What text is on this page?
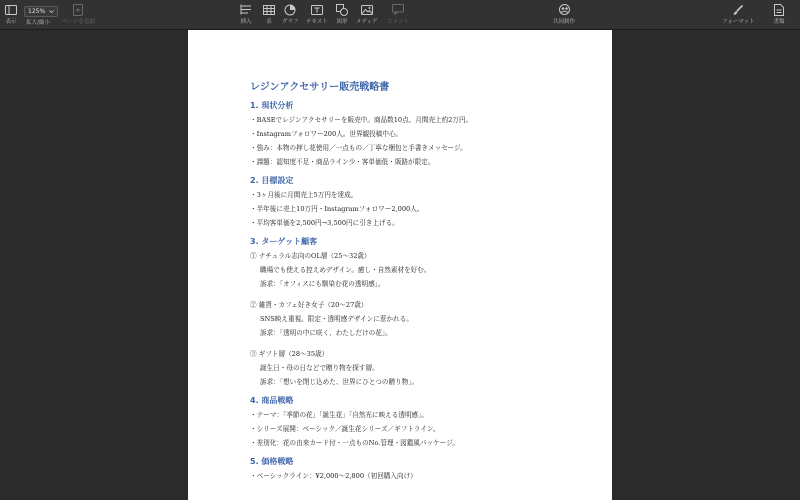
表示
125%
拡大/縮小 ページを追加	挿入	表 グラフ テキスト 図形 メディア コメント	共同制作	フォーマット	書類
レジンアクセサリー販売戦略書
1. 現状分析
・BASEでレジンアクセサリーを販売中。商品数10点、月間売上約2万円。
・Instagramフォロワー200人。世界観投稿中心。
・強み：本物の押し花使用／一点もの／丁寧な梱包と手書きメッセージ。
・課題：認知度不足・商品ライン少・客単価低・販路が限定。
2. 目標設定
・3ヶ月後に月間売上5万円を達成。
・半年後に売上10万円・Instagramフォロワー2,000人。
・平均客単価を2,500円→3,500円に引き上げる。
3. ターゲット顧客
① ナチュラル志向のOL層（25〜32歳）
職場でも使える控えめデザイン。癒し・自然素材を好む。
訴求：「オフィスにも馴染む花の透明感」。
② 雑貨・カフェ好き女子（20〜27歳）
SNS映え重視。限定・透明感デザインに惹かれる。
訴求：「透明の中に咲く、わたしだけの花」。
③ ギフト層（28〜35歳）
誕生日・母の日などで贈り物を探す層。
訴求：「想いを閉じ込めた、世界にひとつの贈り物」。
4. 商品戦略
・テーマ：「季節の花」「誕生花」「自然光に映える透明感」。
・シリーズ展開：ベーシック／誕生花シリーズ／ギフトライン。
・差別化：花の由来カード付・一点ものNo.管理・図鑑風パッケージ。
5. 価格戦略
・ベーシックライン：¥2,000〜2,800（初回購入向け）
